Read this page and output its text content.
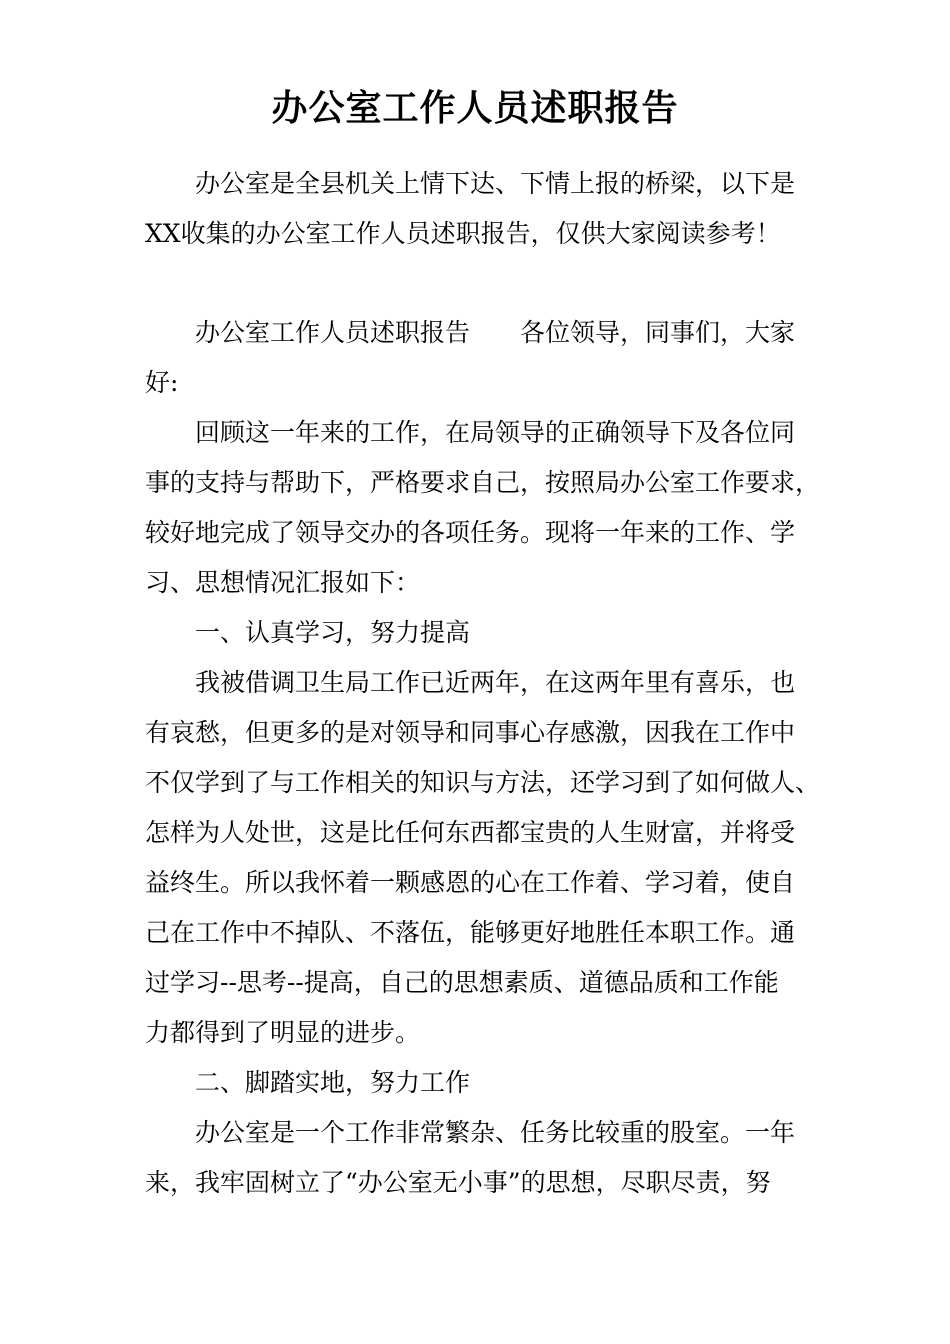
办公室工作人员述职报告
办公室是全县机关上情下达、下情上报的桥梁，以下是
XX收集的办公室工作人员述职报告，仅供大家阅读参考！
办公室工作人员述职报告　　各位领导，同事们，大家
好:
回顾这一年来的工作，在局领导的正确领导下及各位同
事的支持与帮助下，严格要求自己，按照局办公室工作要求，
较好地完成了领导交办的各项任务。现将一年来的工作、学
习、思想情况汇报如下：
一、认真学习，努力提高
我被借调卫生局工作已近两年，在这两年里有喜乐，也
有哀愁，但更多的是对领导和同事心存感激，因我在工作中
不仅学到了与工作相关的知识与方法，还学习到了如何做人、
怎样为人处世，这是比任何东西都宝贵的人生财富，并将受
益终生。所以我怀着一颗感恩的心在工作着、学习着，使自
己在工作中不掉队、不落伍，能够更好地胜任本职工作。通
过学习--思考--提高，自己的思想素质、道德品质和工作能
力都得到了明显的进步。
二、脚踏实地，努力工作
办公室是一个工作非常繁杂、任务比较重的股室。一年
来，我牢固树立了“办公室无小事”的思想，尽职尽责，努
